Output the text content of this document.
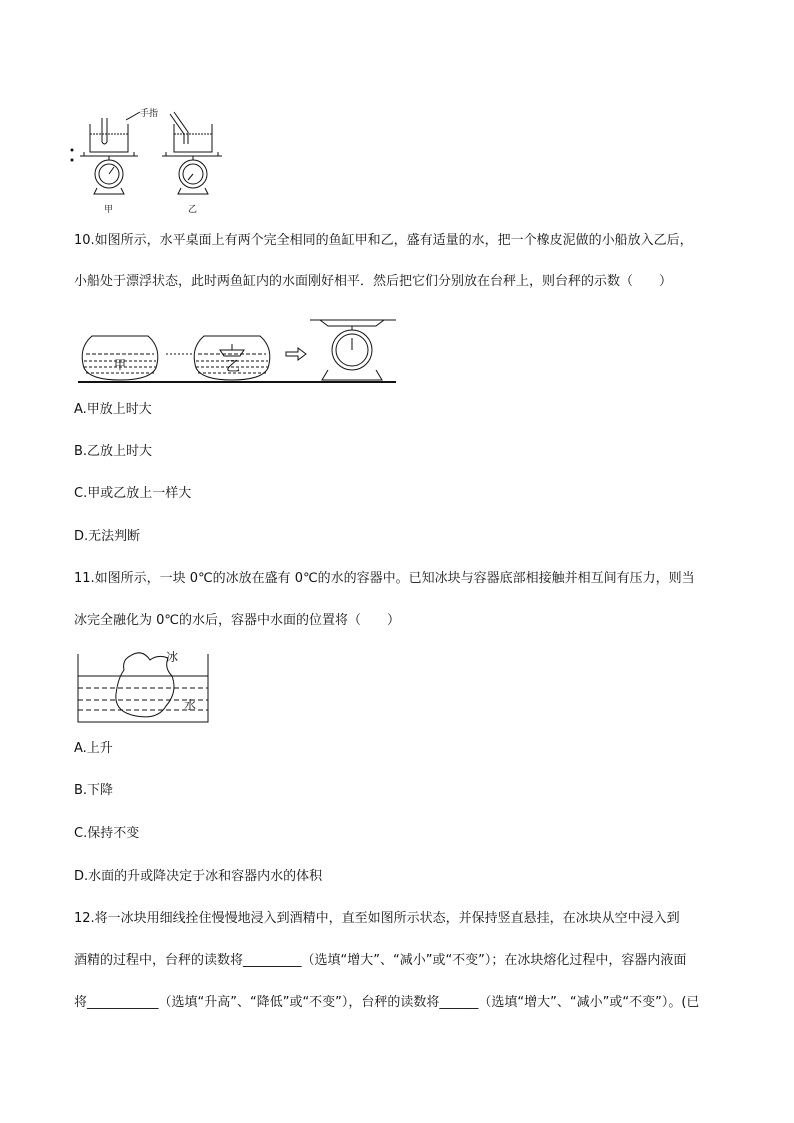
手指
甲	乙
10.如图所示，水平桌面上有两个完全相同的鱼缸甲和乙，盛有适量的水，把一个橡皮泥做的小船放入乙后，
小船处于漂浮状态，此时两鱼缸内的水面刚好相平．然后把它们分别放在台秤上，则台秤的示数（　　）
甲	乙
A.甲放上时大
B.乙放上时大
C.甲或乙放上一样大
D.无法判断
11.如图所示，一块 0℃的冰放在盛有 0℃的水的容器中。已知冰块与容器底部相接触并相互间有压力，则当
冰完全融化为 0℃的水后，容器中水面的位置将（　　）
冰
水
A.上升
B.下降
C.保持不变
D.水面的升或降决定于冰和容器内水的体积
12.将一冰块用细线拴住慢慢地浸入到酒精中，直至如图所示状态，并保持竖直悬挂，在冰块从空中浸入到
酒精的过程中，台秤的读数将_________（选填“增大”、“减小”或“不变”）；在冰块熔化过程中，容器内液面
将___________（选填“升高”、“降低”或“不变”），台秤的读数将______（选填“增大”、“减小”或“不变”）。(已
